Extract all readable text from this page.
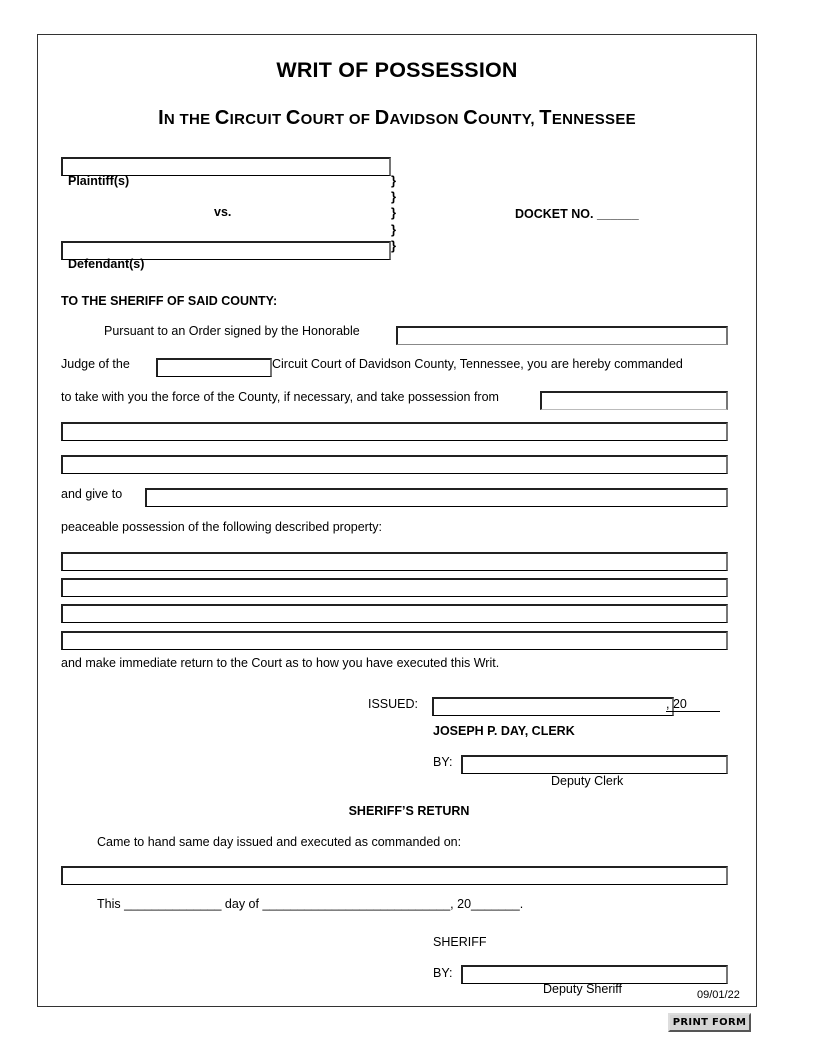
WRIT OF POSSESSION
IN THE CIRCUIT COURT OF DAVIDSON COUNTY, TENNESSEE
Plaintiff(s)
vs.
Defendant(s)
}
}
}
}
}
DOCKET NO. ______
TO THE SHERIFF OF SAID COUNTY:
Pursuant to an Order signed by the Honorable
Judge of the	Circuit Court of Davidson County, Tennessee, you are hereby commanded
to take with you the force of the County, if necessary, and take possession from
and give to
peaceable possession of the following described property:
and make immediate return to the Court as to how you have executed this Writ.
ISSUED:	, 20
JOSEPH P. DAY, CLERK
BY:
Deputy Clerk
SHERIFF’S RETURN
Came to hand same day issued and executed as commanded on:
This ______________ day of ___________________________, 20_______.
SHERIFF
BY:
Deputy Sheriff	09/01/22
PRINT FORM
